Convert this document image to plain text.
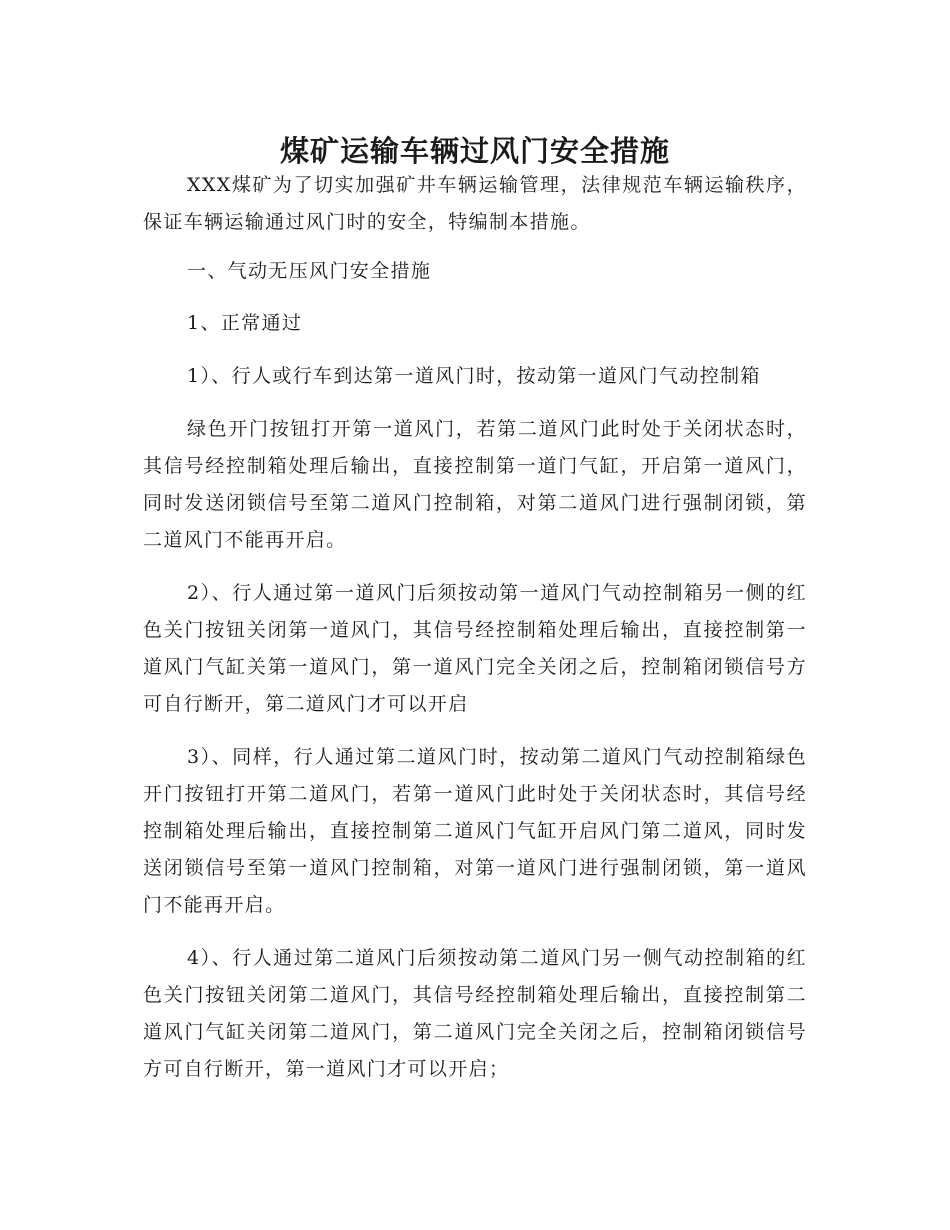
煤矿运输车辆过风门安全措施

XXX煤矿为了切实加强矿井车辆运输管理，法律规范车辆运输秩序，保证车辆运输通过风门时的安全，特编制本措施。

一、气动无压风门安全措施

1、正常通过

1）、行人或行车到达第一道风门时，按动第一道风门气动控制箱

绿色开门按钮打开第一道风门，若第二道风门此时处于关闭状态时，其信号经控制箱处理后输出，直接控制第一道门气缸，开启第一道风门，同时发送闭锁信号至第二道风门控制箱，对第二道风门进行强制闭锁，第二道风门不能再开启。

2）、行人通过第一道风门后须按动第一道风门气动控制箱另一侧的红色关门按钮关闭第一道风门，其信号经控制箱处理后输出，直接控制第一道风门气缸关第一道风门，第一道风门完全关闭之后，控制箱闭锁信号方可自行断开，第二道风门才可以开启

3）、同样，行人通过第二道风门时，按动第二道风门气动控制箱绿色开门按钮打开第二道风门，若第一道风门此时处于关闭状态时，其信号经控制箱处理后输出，直接控制第二道风门气缸开启风门第二道风，同时发送闭锁信号至第一道风门控制箱，对第一道风门进行强制闭锁，第一道风门不能再开启。

4）、行人通过第二道风门后须按动第二道风门另一侧气动控制箱的红色关门按钮关闭第二道风门，其信号经控制箱处理后输出，直接控制第二道风门气缸关闭第二道风门，第二道风门完全关闭之后，控制箱闭锁信号方可自行断开，第一道风门才可以开启；
